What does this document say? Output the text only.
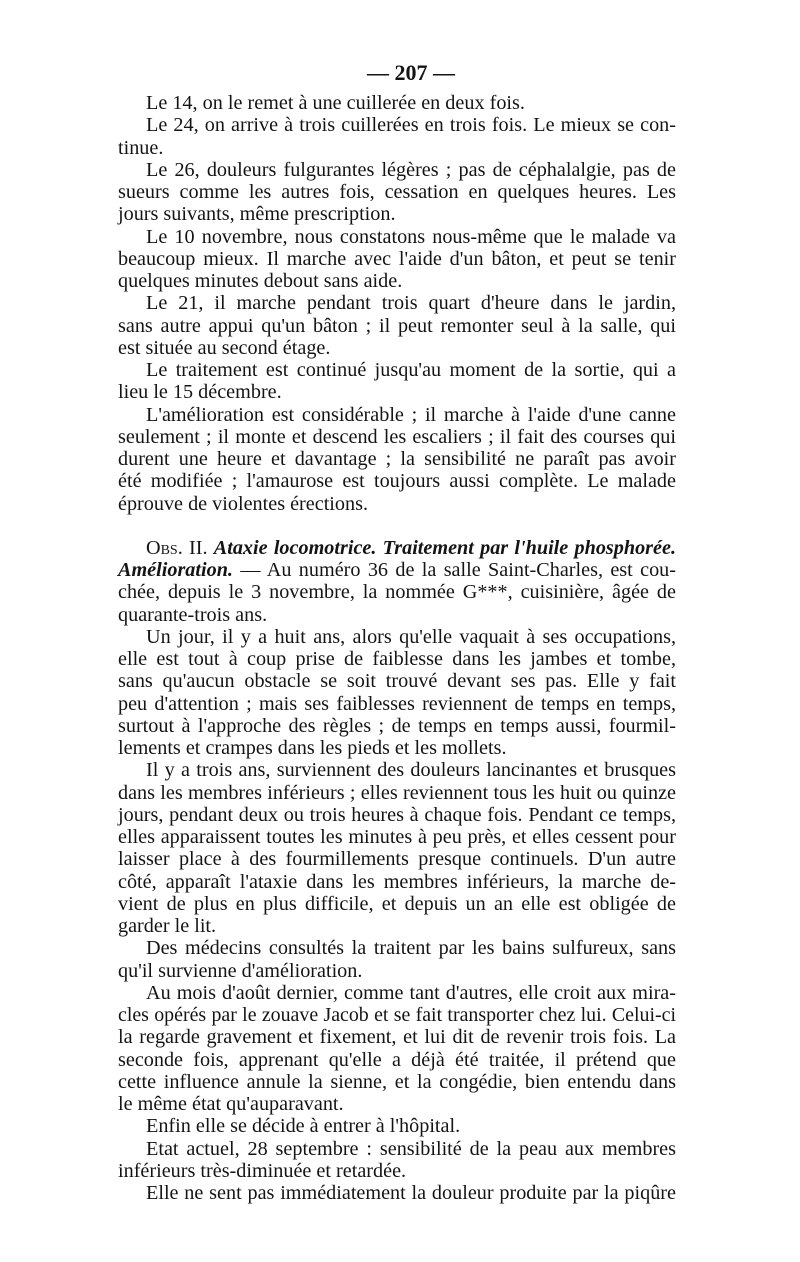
— 207 —
Le 14, on le remet à une cuillerée en deux fois.
Le 24, on arrive à trois cuillerées en trois fois. Le mieux se con-
tinue.
Le 26, douleurs fulgurantes légères ; pas de céphalalgie, pas de
sueurs comme les autres fois, cessation en quelques heures. Les
jours suivants, même prescription.
Le 10 novembre, nous constatons nous-même que le malade va
beaucoup mieux. Il marche avec l'aide d'un bâton, et peut se tenir
quelques minutes debout sans aide.
Le 21, il marche pendant trois quart d'heure dans le jardin,
sans autre appui qu'un bâton ; il peut remonter seul à la salle, qui
est située au second étage.
Le traitement est continué jusqu'au moment de la sortie, qui a
lieu le 15 décembre.
L'amélioration est considérable ; il marche à l'aide d'une canne
seulement ; il monte et descend les escaliers ; il fait des courses qui
durent une heure et davantage ; la sensibilité ne paraît pas avoir
été modifiée ; l'amaurose est toujours aussi complète. Le malade
éprouve de violentes érections.
Obs. II. Ataxie locomotrice. Traitement par l'huile phosphorée.
Amélioration. — Au numéro 36 de la salle Saint-Charles, est cou-
chée, depuis le 3 novembre, la nommée G***, cuisinière, âgée de
quarante-trois ans.
Un jour, il y a huit ans, alors qu'elle vaquait à ses occupations,
elle est tout à coup prise de faiblesse dans les jambes et tombe,
sans qu'aucun obstacle se soit trouvé devant ses pas. Elle y fait
peu d'attention ; mais ses faiblesses reviennent de temps en temps,
surtout à l'approche des règles ; de temps en temps aussi, fourmil-
lements et crampes dans les pieds et les mollets.
Il y a trois ans, surviennent des douleurs lancinantes et brusques
dans les membres inférieurs ; elles reviennent tous les huit ou quinze
jours, pendant deux ou trois heures à chaque fois. Pendant ce temps,
elles apparaissent toutes les minutes à peu près, et elles cessent pour
laisser place à des fourmillements presque continuels. D'un autre
côté, apparaît l'ataxie dans les membres inférieurs, la marche de-
vient de plus en plus difficile, et depuis un an elle est obligée de
garder le lit.
Des médecins consultés la traitent par les bains sulfureux, sans
qu'il survienne d'amélioration.
Au mois d'août dernier, comme tant d'autres, elle croit aux mira-
cles opérés par le zouave Jacob et se fait transporter chez lui. Celui-ci
la regarde gravement et fixement, et lui dit de revenir trois fois. La
seconde fois, apprenant qu'elle a déjà été traitée, il prétend que
cette influence annule la sienne, et la congédie, bien entendu dans
le même état qu'auparavant.
Enfin elle se décide à entrer à l'hôpital.
Etat actuel, 28 septembre : sensibilité de la peau aux membres
inférieurs très-diminuée et retardée.
Elle ne sent pas immédiatement la douleur produite par la piqûre
